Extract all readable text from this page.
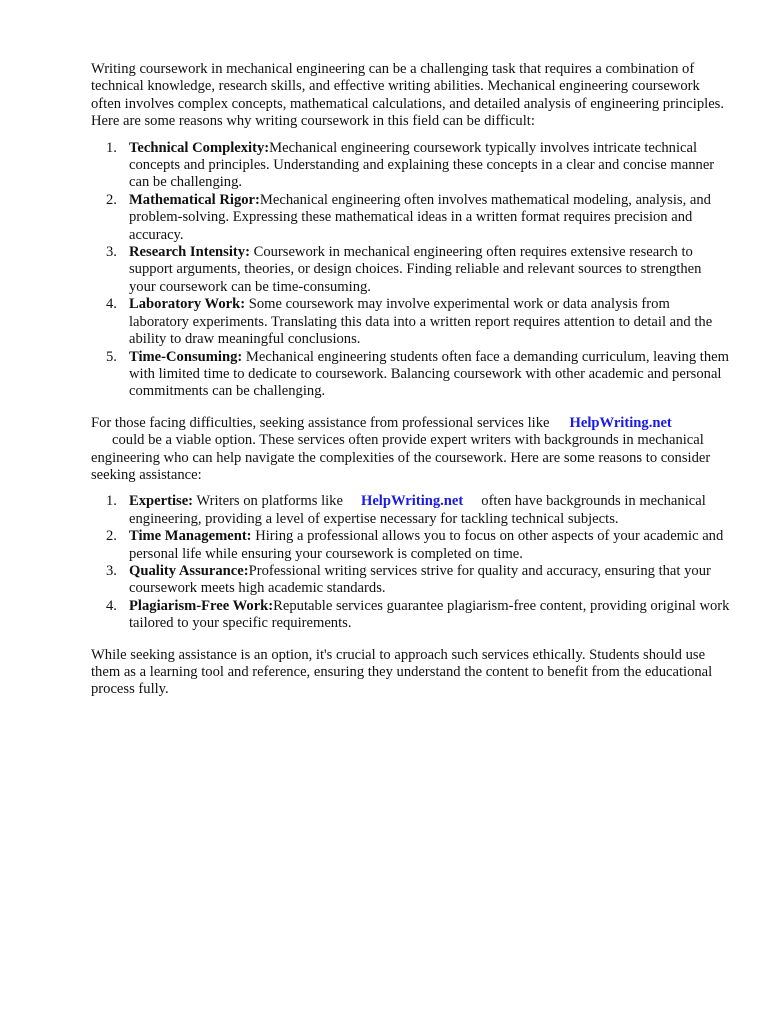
Writing coursework in mechanical engineering can be a challenging task that requires a combination of technical knowledge, research skills, and effective writing abilities. Mechanical engineering coursework often involves complex concepts, mathematical calculations, and detailed analysis of engineering principles. Here are some reasons why writing coursework in this field can be difficult:

1. Technical Complexity:Mechanical engineering coursework typically involves intricate technical concepts and principles. Understanding and explaining these concepts in a clear and concise manner can be challenging.
2. Mathematical Rigor:Mechanical engineering often involves mathematical modeling, analysis, and problem-solving. Expressing these mathematical ideas in a written format requires precision and accuracy.
3. Research Intensity: Coursework in mechanical engineering often requires extensive research to support arguments, theories, or design choices. Finding reliable and relevant sources to strengthen your coursework can be time-consuming.
4. Laboratory Work: Some coursework may involve experimental work or data analysis from laboratory experiments. Translating this data into a written report requires attention to detail and the ability to draw meaningful conclusions.
5. Time-Consuming: Mechanical engineering students often face a demanding curriculum, leaving them with limited time to dedicate to coursework. Balancing coursework with other academic and personal commitments can be challenging.

For those facing difficulties, seeking assistance from professional services like HelpWriting.net
could be a viable option. These services often provide expert writers with backgrounds in mechanical engineering who can help navigate the complexities of the coursework. Here are some reasons to consider seeking assistance:

1. Expertise: Writers on platforms like HelpWriting.net often have backgrounds in mechanical engineering, providing a level of expertise necessary for tackling technical subjects.
2. Time Management: Hiring a professional allows you to focus on other aspects of your academic and personal life while ensuring your coursework is completed on time.
3. Quality Assurance:Professional writing services strive for quality and accuracy, ensuring that your coursework meets high academic standards.
4. Plagiarism-Free Work:Reputable services guarantee plagiarism-free content, providing original work tailored to your specific requirements.

While seeking assistance is an option, it's crucial to approach such services ethically. Students should use them as a learning tool and reference, ensuring they understand the content to benefit from the educational process fully.
